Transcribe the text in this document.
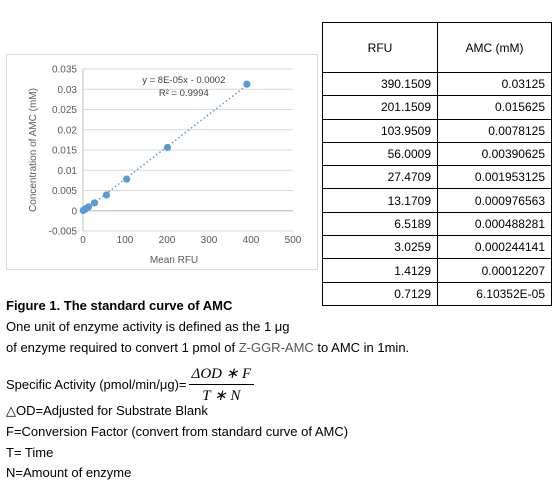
-0.005
0
0.005
0.01
0.015
0.02
0.025
0.03
0.035
0	100	200	300	400	500
Concentration of AMC (mM)
Mean RFU
y = 8E-05x - 0.0002
R² = 0.9994
RFU	AMC (mM)
390.1509	0.03125
201.1509	0.015625
103.9509	0.0078125
56.0009	0.00390625
27.4709	0.001953125
13.1709	0.000976563
6.5189	0.000488281
3.0259	0.000244141
1.4129	0.00012207
0.7129	6.10352E-05
Figure 1. The standard curve of AMC
One unit of enzyme activity is defined as the 1 μg
of enzyme required to convert 1 pmol of Z-GGR-AMC to AMC in 1min.
Specific Activity (pmol/min/μg)= $\frac{\text{ΔOD ∗ F}}{T ∗ N}$
△OD=Adjusted for Substrate Blank
F=Conversion Factor (convert from standard curve of AMC)
T= Time
N=Amount of enzyme
